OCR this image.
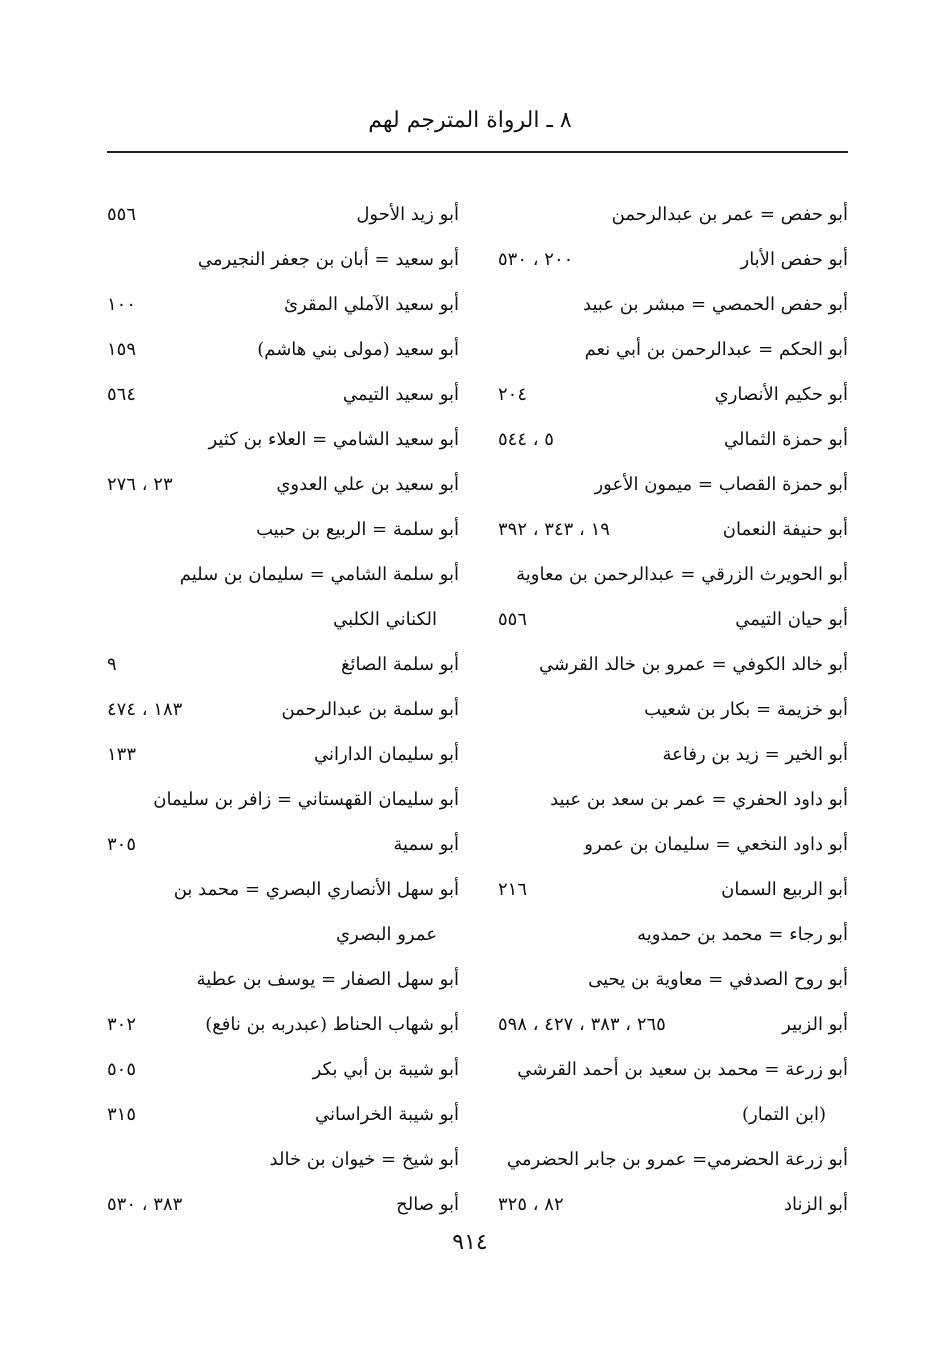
٨ ـ الرواة المترجم لهم
أبو حفص = عمر بن عبدالرحمن
أبو حفص الأبار
٢٠٠ ، ٥٣٠
أبو حفص الحمصي = مبشر بن عبيد
أبو الحكم = عبدالرحمن بن أبي نعم
أبو حكيم الأنصاري
٢٠٤
أبو حمزة الثمالي
٥ ، ٥٤٤
أبو حمزة القصاب = ميمون الأعور
أبو حنيفة النعمان
١٩ ، ٣٤٣ ، ٣٩٢
أبو الحويرث الزرقي = عبدالرحمن بن معاوية
أبو حيان التيمي
٥٥٦
أبو خالد الكوفي = عمرو بن خالد القرشي
أبو خزيمة = بكار بن شعيب
أبو الخير = زيد بن رفاعة
أبو داود الحفري = عمر بن سعد بن عبيد
أبو داود النخعي = سليمان بن عمرو
أبو الربيع السمان
٢١٦
أبو رجاء = محمد بن حمدويه
أبو روح الصدفي = معاوية بن يحيى
أبو الزبير
٢٦٥ ، ٣٨٣ ، ٤٢٧ ، ٥٩٨
أبو زرعة = محمد بن سعيد بن أحمد القرشي
(ابن التمار)
أبو زرعة الحضرمي= عمرو بن جابر الحضرمي
أبو الزناد
٨٢ ، ٣٢٥
أبو زيد الأحول
٥٥٦
أبو سعيد = أبان بن جعفر النجيرمي
أبو سعيد الآملي المقرئ
١٠٠
أبو سعيد (مولى بني هاشم)
١٥٩
أبو سعيد التيمي
٥٦٤
أبو سعيد الشامي = العلاء بن كثير
أبو سعيد بن علي العدوي
٢٣ ، ٢٧٦
أبو سلمة = الربيع بن حبيب
أبو سلمة الشامي = سليمان بن سليم
الكناني الكلبي
أبو سلمة الصائغ
٩
أبو سلمة بن عبدالرحمن
١٨٣ ، ٤٧٤
أبو سليمان الداراني
١٣٣
أبو سليمان القهستاني = زافر بن سليمان
أبو سمية
٣٠٥
أبو سهل الأنصاري البصري = محمد بن
عمرو البصري
أبو سهل الصفار = يوسف بن عطية
أبو شهاب الحناط (عبدربه بن نافع)
٣٠٢
أبو شيبة بن أبي بكر
٥٠٥
أبو شيبة الخراساني
٣١٥
أبو شيخ = خيوان بن خالد
أبو صالح
٣٨٣ ، ٥٣٠
٩١٤
